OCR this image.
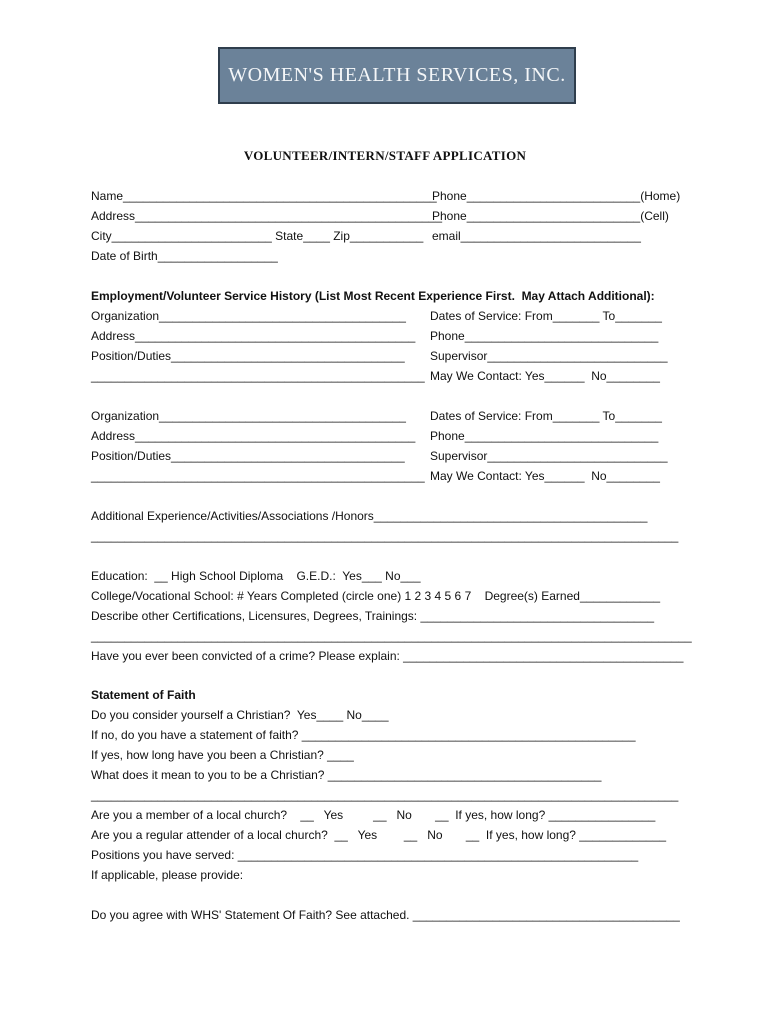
WOMEN'S HEALTH SERVICES, INC.
VOLUNTEER/INTERN/STAFF APPLICATION
Name_______________________________________________
Address______________________________________________
City________________________ State____ Zip___________
Date of Birth__________________
Phone__________________________(Home)
Phone__________________________(Cell)
email___________________________
Employment/Volunteer Service History (List Most Recent Experience First.  May Attach Additional):
Organization_____________________________________
Address__________________________________________
Position/Duties___________________________________
__________________________________________________
Dates of Service: From_______ To_______
Phone_____________________________
Supervisor___________________________
May We Contact: Yes______  No________
Organization_____________________________________
Address__________________________________________
Position/Duties___________________________________
__________________________________________________
Dates of Service: From_______ To_______
Phone_____________________________
Supervisor___________________________
May We Contact: Yes______  No________
Additional Experience/Activities/Associations /Honors_________________________________________
________________________________________________________________________________________
Education:  __ High School Diploma    G.E.D.:  Yes___ No___
College/Vocational School: # Years Completed (circle one) 1 2 3 4 5 6 7    Degree(s) Earned____________
Describe other Certifications, Licensures, Degrees, Trainings: ___________________________________
__________________________________________________________________________________________
Have you ever been convicted of a crime? Please explain: __________________________________________
Statement of Faith
Do you consider yourself a Christian?  Yes____ No____
If no, do you have a statement of faith? __________________________________________________
If yes, how long have you been a Christian? ____
What does it mean to you to be a Christian? _________________________________________
________________________________________________________________________________________
Are you a member of a local church?    __   Yes         __   No       __  If yes, how long? ________________
Are you a regular attender of a local church?  __   Yes        __   No       __  If yes, how long? _____________
Positions you have served: ____________________________________________________________
If applicable, please provide:
Do you agree with WHS' Statement Of Faith? See attached. ________________________________________
